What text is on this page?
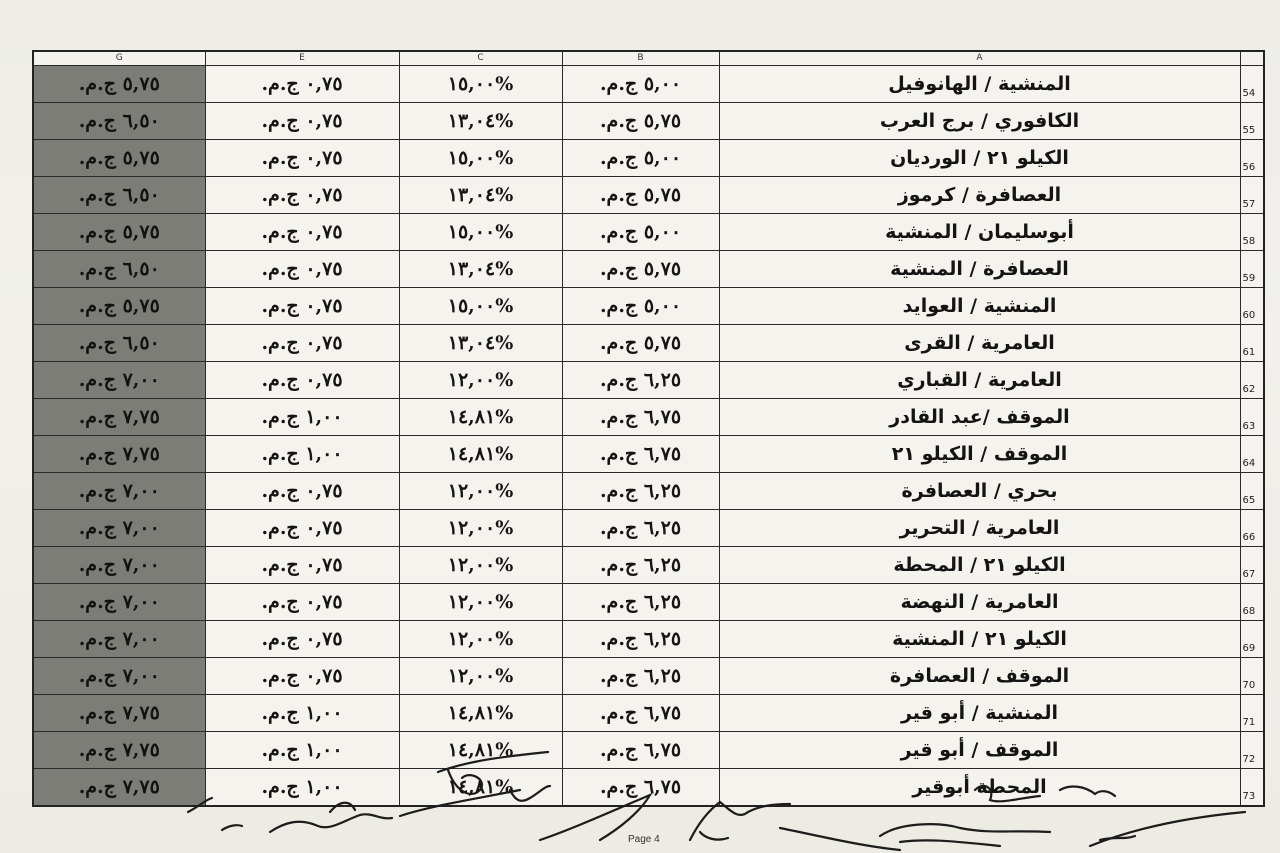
G	E	C	B	A	
٥,٧٥ ج.م.	٠,٧٥ ج.م.	%١٥,٠٠	٥,٠٠ ج.م.	المنشية / الهانوفيل	54
٦,٥٠ ج.م.	٠,٧٥ ج.م.	%١٣,٠٤	٥,٧٥ ج.م.	الكافوري / برج العرب	55
٥,٧٥ ج.م.	٠,٧٥ ج.م.	%١٥,٠٠	٥,٠٠ ج.م.	الكيلو ٢١ / الورديان	56
٦,٥٠ ج.م.	٠,٧٥ ج.م.	%١٣,٠٤	٥,٧٥ ج.م.	العصافرة / كرموز	57
٥,٧٥ ج.م.	٠,٧٥ ج.م.	%١٥,٠٠	٥,٠٠ ج.م.	أبوسليمان / المنشية	58
٦,٥٠ ج.م.	٠,٧٥ ج.م.	%١٣,٠٤	٥,٧٥ ج.م.	العصافرة / المنشية	59
٥,٧٥ ج.م.	٠,٧٥ ج.م.	%١٥,٠٠	٥,٠٠ ج.م.	المنشية / العوايد	60
٦,٥٠ ج.م.	٠,٧٥ ج.م.	%١٣,٠٤	٥,٧٥ ج.م.	العامرية / القرى	61
٧,٠٠ ج.م.	٠,٧٥ ج.م.	%١٢,٠٠	٦,٢٥ ج.م.	العامرية / القباري	62
٧,٧٥ ج.م.	١,٠٠ ج.م.	%١٤,٨١	٦,٧٥ ج.م.	الموقف /عبد القادر	63
٧,٧٥ ج.م.	١,٠٠ ج.م.	%١٤,٨١	٦,٧٥ ج.م.	الموقف / الكيلو ٢١	64
٧,٠٠ ج.م.	٠,٧٥ ج.م.	%١٢,٠٠	٦,٢٥ ج.م.	بحري / العصافرة	65
٧,٠٠ ج.م.	٠,٧٥ ج.م.	%١٢,٠٠	٦,٢٥ ج.م.	العامرية / التحرير	66
٧,٠٠ ج.م.	٠,٧٥ ج.م.	%١٢,٠٠	٦,٢٥ ج.م.	الكيلو ٢١ / المحطة	67
٧,٠٠ ج.م.	٠,٧٥ ج.م.	%١٢,٠٠	٦,٢٥ ج.م.	العامرية / النهضة	68
٧,٠٠ ج.م.	٠,٧٥ ج.م.	%١٢,٠٠	٦,٢٥ ج.م.	الكيلو ٢١ / المنشية	69
٧,٠٠ ج.م.	٠,٧٥ ج.م.	%١٢,٠٠	٦,٢٥ ج.م.	الموقف / العصافرة	70
٧,٧٥ ج.م.	١,٠٠ ج.م.	%١٤,٨١	٦,٧٥ ج.م.	المنشية / أبو قير	71
٧,٧٥ ج.م.	١,٠٠ ج.م.	%١٤,٨١	٦,٧٥ ج.م.	الموقف / أبو قير	72
٧,٧٥ ج.م.	١,٠٠ ج.م.	%١٤,٨١	٦,٧٥ ج.م.	المحطة أبوقير	73
Page 4
